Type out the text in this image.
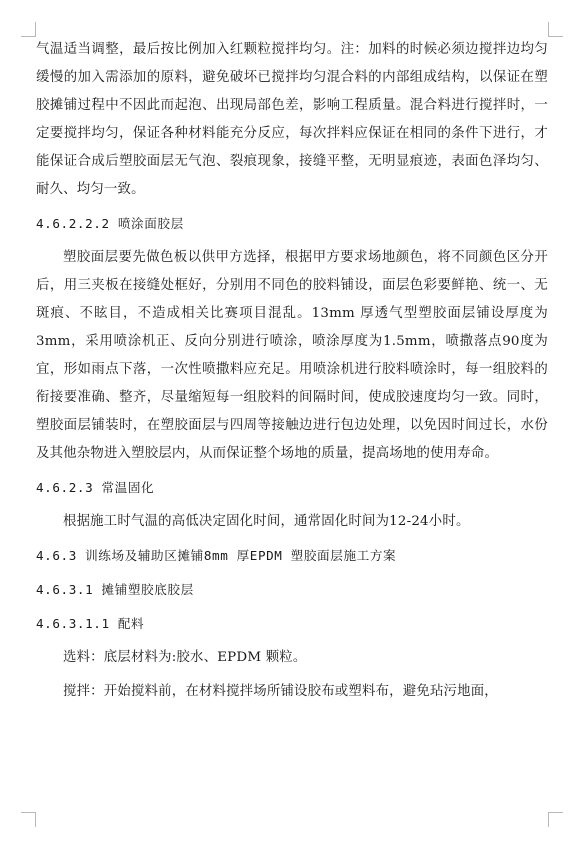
气温适当调整，最后按比例加入红颗粒搅拌均匀。注：加料的时候必须边搅拌边均匀缓慢的加入需添加的原料，避免破坏已搅拌均匀混合料的内部组成结构，以保证在塑胶摊铺过程中不因此而起泡、出现局部色差，影响工程质量。混合料进行搅拌时，一定要搅拌均匀，保证各种材料能充分反应，每次拌料应保证在相同的条件下进行，才能保证合成后塑胶面层无气泡、裂痕现象，接缝平整，无明显痕迹，表面色泽均匀、耐久、均匀一致。

4.6.2.2.2 喷涂面胶层

塑胶面层要先做色板以供甲方选择，根据甲方要求场地颜色，将不同颜色区分开后，用三夹板在接缝处框好，分别用不同色的胶料铺设，面层色彩要鲜艳、统一、无斑痕、不眩目，不造成相关比赛项目混乱。13mm 厚透气型塑胶面层铺设厚度为3mm，采用喷涂机正、反向分别进行喷涂，喷涂厚度为1.5mm，喷撒落点90度为宜，形如雨点下落，一次性喷撒料应充足。用喷涂机进行胶料喷涂时，每一组胶料的衔接要准确、整齐，尽量缩短每一组胶料的间隔时间，使成胶速度均匀一致。同时，塑胶面层铺装时，在塑胶面层与四周等接触边进行包边处理，以免因时间过长，水份及其他杂物进入塑胶层内，从而保证整个场地的质量，提高场地的使用寿命。

4.6.2.3 常温固化

根据施工时气温的高低决定固化时间，通常固化时间为12-24小时。

4.6.3 训练场及辅助区摊铺8mm 厚EPDM 塑胶面层施工方案

4.6.3.1 摊铺塑胶底胶层

4.6.3.1.1 配料

选料：底层材料为:胶水、EPDM 颗粒。

搅拌：开始搅料前，在材料搅拌场所铺设胶布或塑料布，避免玷污地面，
